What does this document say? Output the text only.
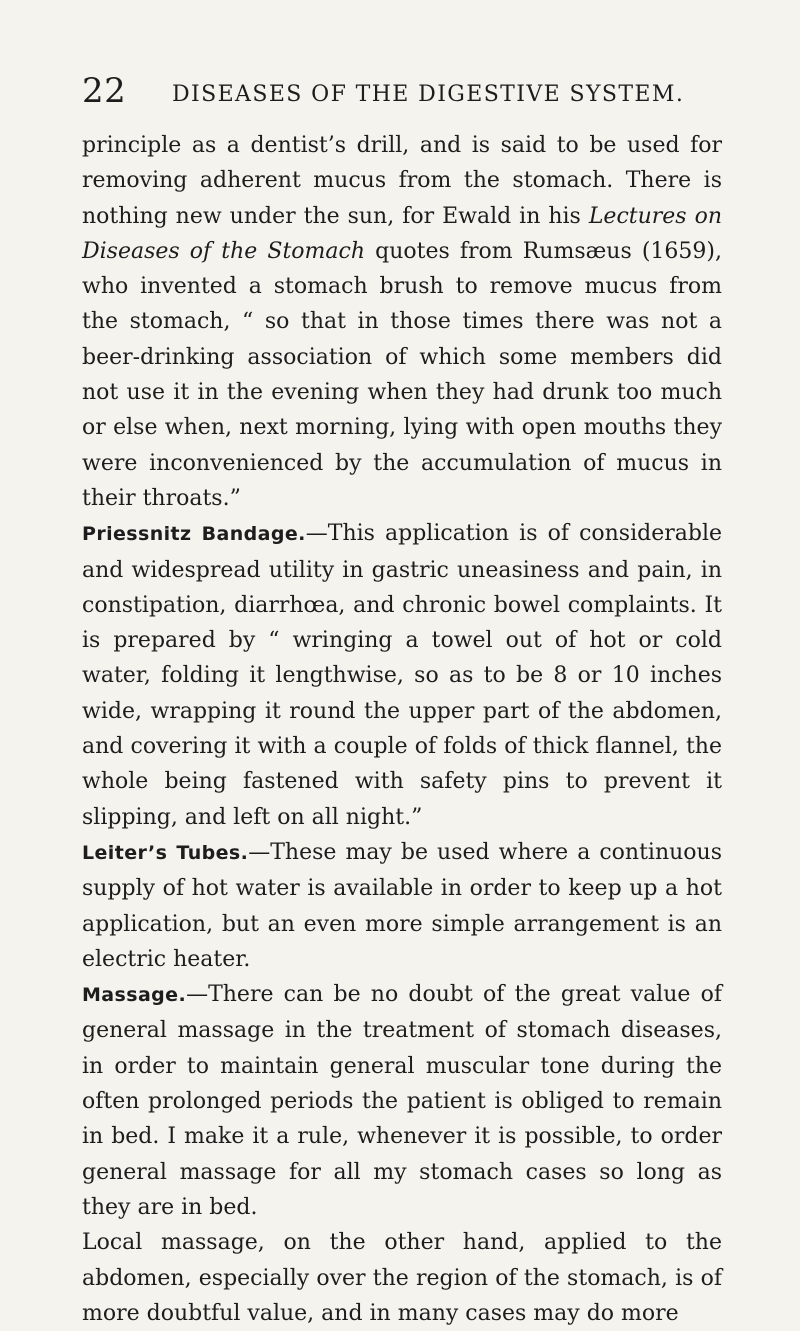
22 DISEASES OF THE DIGESTIVE SYSTEM.

principle as a dentist’s drill, and is said to be used for removing adherent mucus from the stomach. There is nothing new under the sun, for Ewald in his Lectures on Diseases of the Stomach quotes from Rumsæus (1659), who invented a stomach brush to remove mucus from the stomach, “ so that in those times there was not a beer-drinking association of which some members did not use it in the evening when they had drunk too much or else when, next morning, lying with open mouths they were inconvenienced by the accumulation of mucus in their throats.”

Priessnitz Bandage.—This application is of considerable and widespread utility in gastric uneasiness and pain, in constipation, diarrhœa, and chronic bowel complaints. It is prepared by “ wringing a towel out of hot or cold water, folding it lengthwise, so as to be 8 or 10 inches wide, wrapping it round the upper part of the abdomen, and covering it with a couple of folds of thick flannel, the whole being fastened with safety pins to prevent it slipping, and left on all night.”

Leiter’s Tubes.—These may be used where a continuous supply of hot water is available in order to keep up a hot application, but an even more simple arrangement is an electric heater.

Massage.—There can be no doubt of the great value of general massage in the treatment of stomach diseases, in order to maintain general muscular tone during the often prolonged periods the patient is obliged to remain in bed. I make it a rule, whenever it is possible, to order general massage for all my stomach cases so long as they are in bed.

Local massage, on the other hand, applied to the abdomen, especially over the region of the stomach, is of more doubtful value, and in many cases may do more
